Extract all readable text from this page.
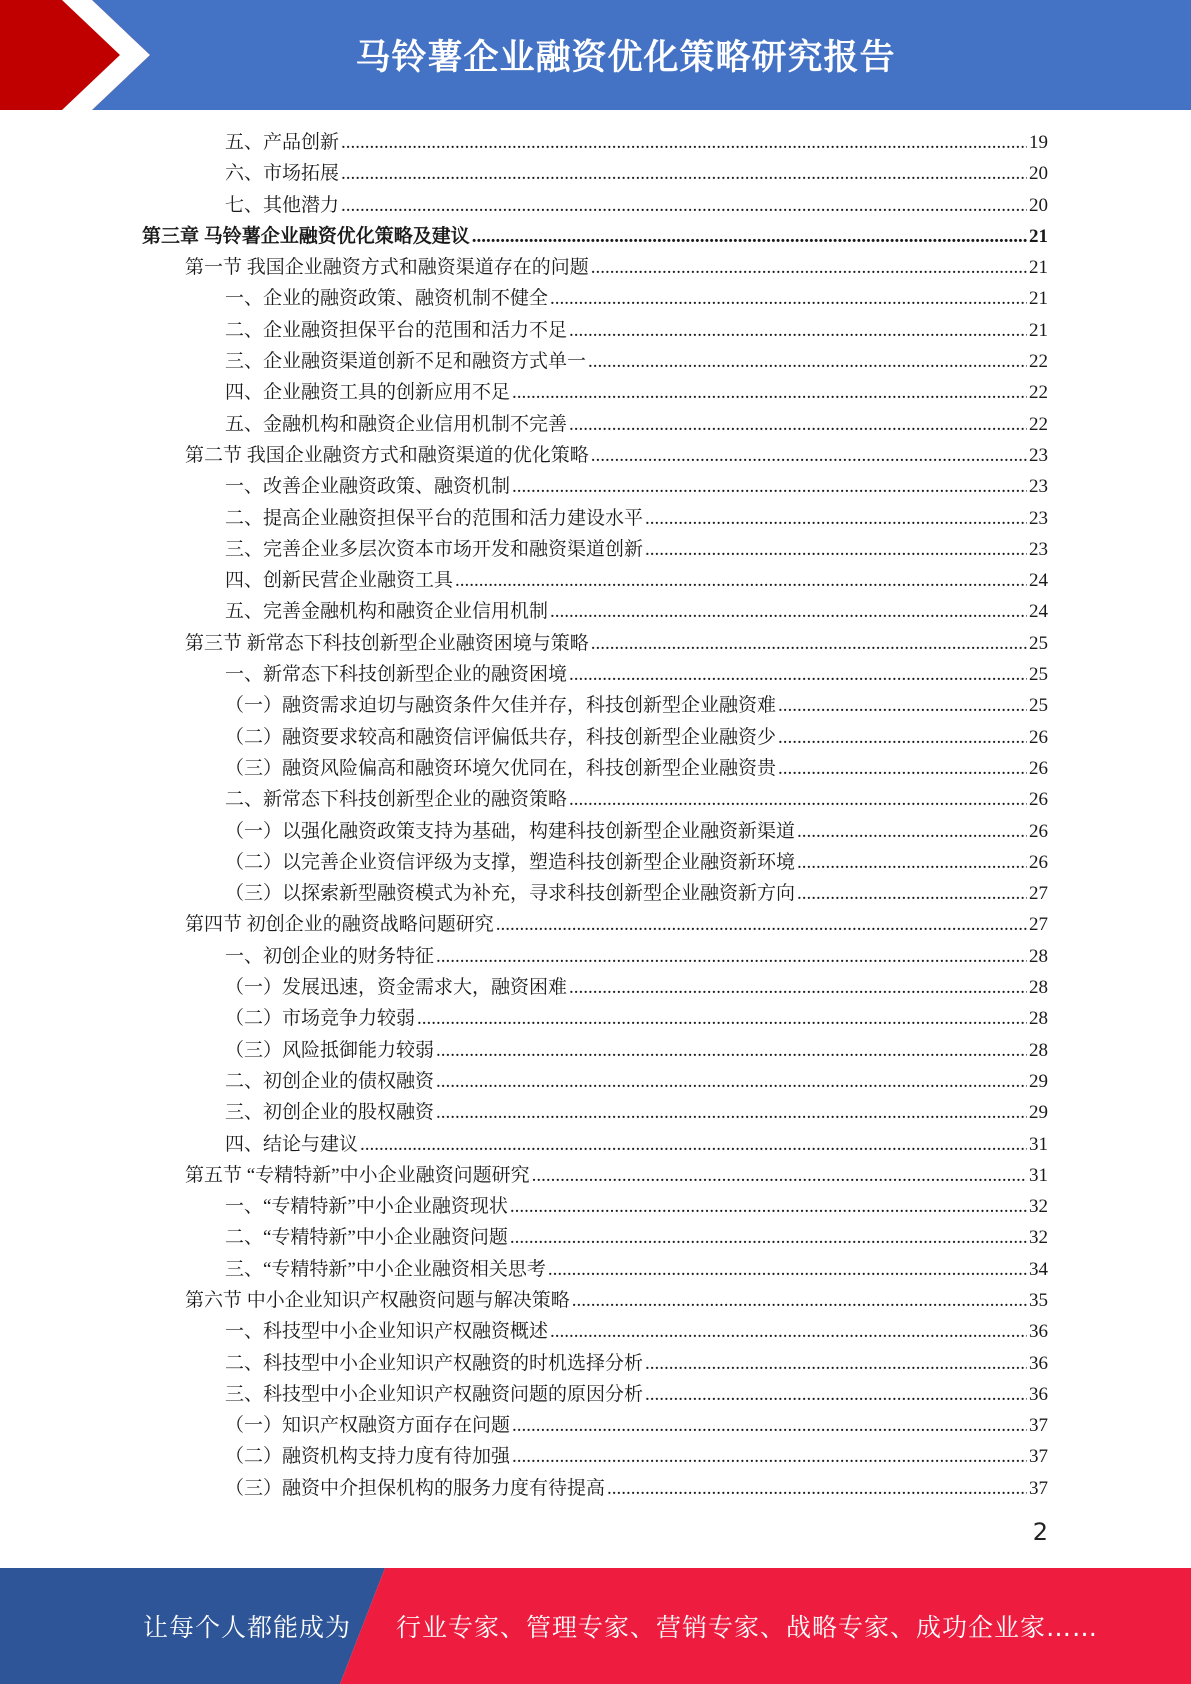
马铃薯企业融资优化策略研究报告
五、产品创新 .....	19
六、市场拓展 .....	20
七、其他潜力 .....	20
第三章 马铃薯企业融资优化策略及建议 .....	21
第一节 我国企业融资方式和融资渠道存在的问题 .....	21
一、企业的融资政策、融资机制不健全 .....	21
二、企业融资担保平台的范围和活力不足 .....	21
三、企业融资渠道创新不足和融资方式单一 .....	22
四、企业融资工具的创新应用不足 .....	22
五、金融机构和融资企业信用机制不完善 .....	22
第二节 我国企业融资方式和融资渠道的优化策略 .....	23
一、改善企业融资政策、融资机制 .....	23
二、提高企业融资担保平台的范围和活力建设水平 .....	23
三、完善企业多层次资本市场开发和融资渠道创新 .....	23
四、创新民营企业融资工具 .....	24
五、完善金融机构和融资企业信用机制 .....	24
第三节 新常态下科技创新型企业融资困境与策略 .....	25
一、新常态下科技创新型企业的融资困境 .....	25
（一）融资需求迫切与融资条件欠佳并存，科技创新型企业融资难 .....	25
（二）融资要求较高和融资信评偏低共存，科技创新型企业融资少 .....	26
（三）融资风险偏高和融资环境欠优同在，科技创新型企业融资贵 .....	26
二、新常态下科技创新型企业的融资策略 .....	26
（一）以强化融资政策支持为基础，构建科技创新型企业融资新渠道 .....	26
（二）以完善企业资信评级为支撑，塑造科技创新型企业融资新环境 .....	26
（三）以探索新型融资模式为补充，寻求科技创新型企业融资新方向 .....	27
第四节 初创企业的融资战略问题研究 .....	27
一、初创企业的财务特征 .....	28
（一）发展迅速，资金需求大，融资困难 .....	28
（二）市场竞争力较弱 .....	28
（三）风险抵御能力较弱 .....	28
二、初创企业的债权融资 .....	29
三、初创企业的股权融资 .....	29
四、结论与建议 .....	31
第五节 “专精特新”中小企业融资问题研究 .....	31
一、“专精特新”中小企业融资现状 .....	32
二、“专精特新”中小企业融资问题 .....	32
三、“专精特新”中小企业融资相关思考 .....	34
第六节 中小企业知识产权融资问题与解决策略 .....	35
一、科技型中小企业知识产权融资概述 .....	36
二、科技型中小企业知识产权融资的时机选择分析 .....	36
三、科技型中小企业知识产权融资问题的原因分析 .....	36
（一）知识产权融资方面存在问题 .....	37
（二）融资机构支持力度有待加强 .....	37
（三）融资中介担保机构的服务力度有待提高 .....	37
2
让每个人都能成为 行业专家、管理专家、营销专家、战略专家、成功企业家……
